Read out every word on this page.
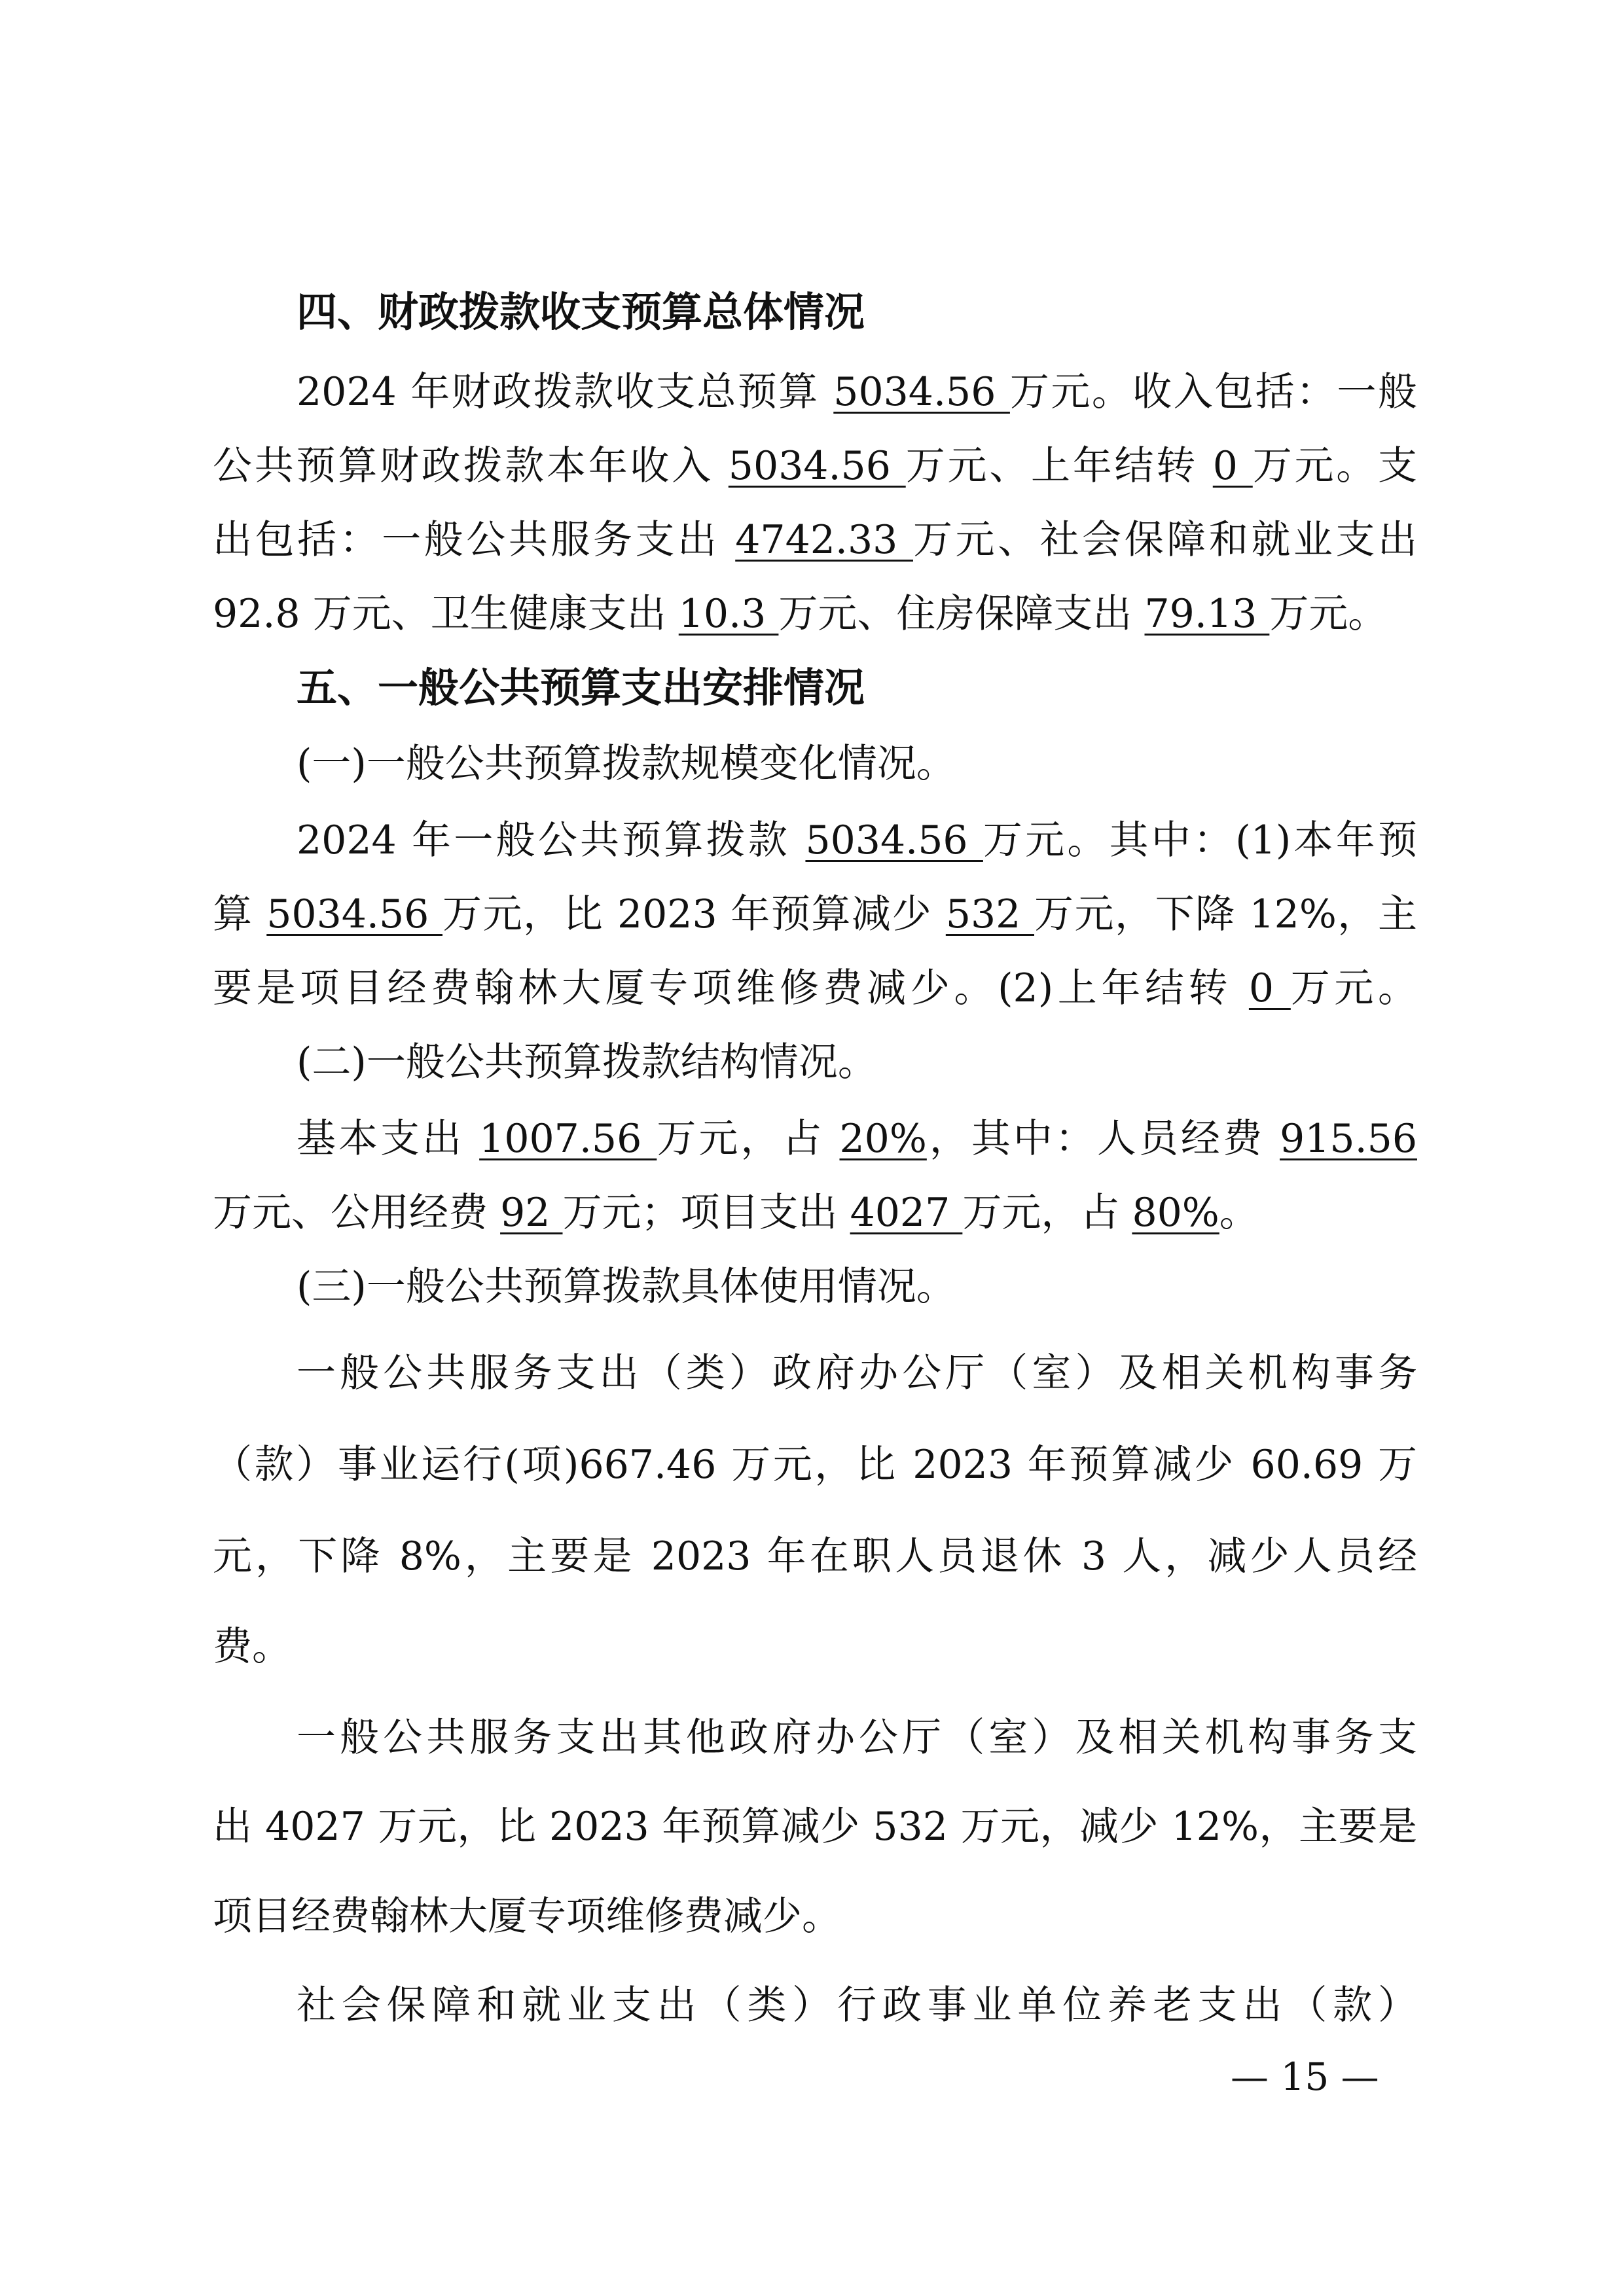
四、财政拨款收支预算总体情况
2024 年财政拨款收支总预算 5034.56 万元。收入包括：一般
公共预算财政拨款本年收入 5034.56 万元、上年结转 0 万元。支
出包括：一般公共服务支出 4742.33 万元、社会保障和就业支出
92.8 万元、卫生健康支出 10.3 万元、住房保障支出 79.13 万元。
五、一般公共预算支出安排情况
(一)一般公共预算拨款规模变化情况。
2024 年一般公共预算拨款 5034.56 万元。其中：(1)本年预
算 5034.56 万元，比 2023 年预算减少 532 万元，下降 12%，主
要是项目经费翰林大厦专项维修费减少。(2)上年结转 0 万元。
(二)一般公共预算拨款结构情况。
基本支出 1007.56 万元，占 20%，其中：人员经费 915.56
万元、公用经费 92 万元；项目支出 4027 万元，占 80%。
(三)一般公共预算拨款具体使用情况。
一般公共服务支出（类）政府办公厅（室）及相关机构事务
（款）事业运行(项)667.46 万元，比 2023 年预算减少 60.69 万
元，下降 8%，主要是 2023 年在职人员退休 3 人，减少人员经
费。
一般公共服务支出其他政府办公厅（室）及相关机构事务支
出 4027 万元，比 2023 年预算减少 532 万元，减少 12%，主要是
项目经费翰林大厦专项维修费减少。
社会保障和就业支出（类）行政事业单位养老支出（款）
— 15 —
